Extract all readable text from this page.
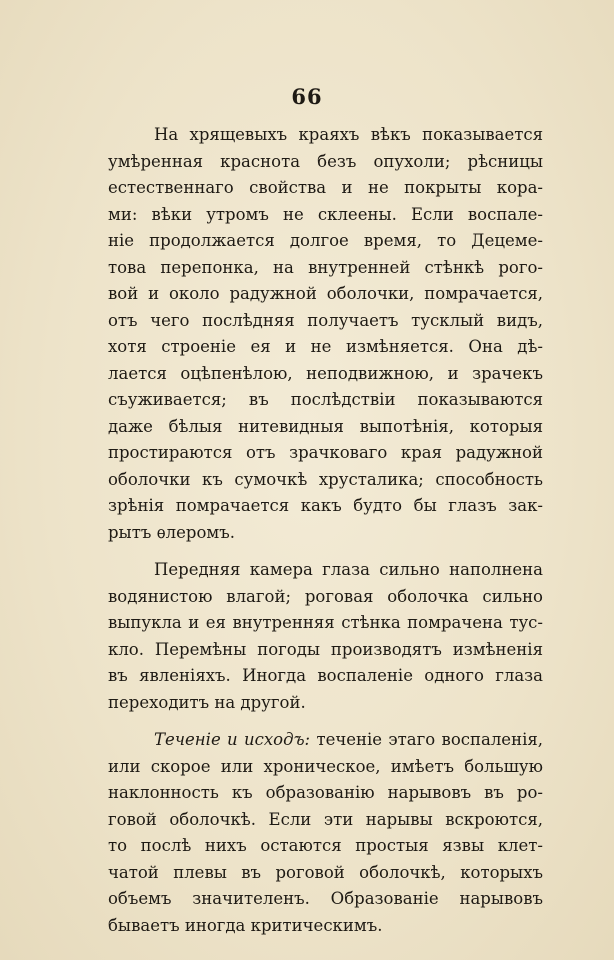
66
На хрящевыхъ краяхъ вѣкъ показывается
умѣренная краснота безъ опухоли; рѣсницы
естественнаго свойства и не покрыты кора-
ми: вѣки утромъ не склеены. Если воспале-
ніе продолжается долгое время, то Децеме-
това перепонка, на внутренней стѣнкѣ рого-
вой и около радужной оболочки, помрачается,
отъ чего послѣдняя получаетъ тусклый видъ,
хотя строеніе ея и не измѣняется. Она дѣ-
лается оцѣпенѣлою, неподвижною, и зрачекъ
съуживается; въ послѣдствіи показываются
даже бѣлыя нитевидныя выпотѣнія, которыя
простираются отъ зрачковаго края радужной
оболочки къ сумочкѣ хрусталика; способность
зрѣнія помрачается какъ будто бы глазъ зак-
рытъ ѳлеромъ.
Передняя камера глаза сильно наполнена
водянистою влагой; роговая оболочка сильно
выпукла и ея внутренняя стѣнка помрачена тус-
кло. Перемѣны погоды производятъ измѣненія
въ явленіяхъ. Иногда воспаленіе одного глаза
переходитъ на другой.
Теченіе и исходъ: теченіе этаго воспаленія,
или скорое или хроническое, имѣетъ большую
наклонность къ образованію нарывовъ въ ро-
говой оболочкѣ. Если эти нарывы вскроются,
то послѣ нихъ остаются простыя язвы клет-
чатой плевы въ роговой оболочкѣ, которыхъ
объемъ значителенъ. Образованіе нарывовъ
бываетъ иногда критическимъ.
